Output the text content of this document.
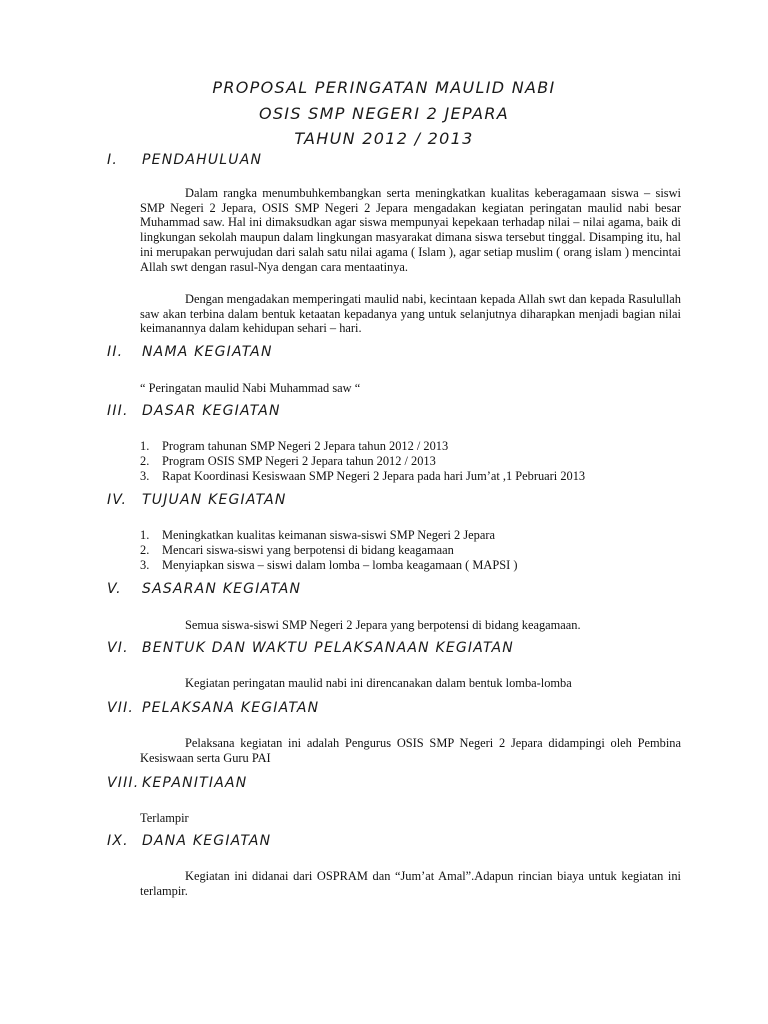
PROPOSAL PERINGATAN MAULID NABI
OSIS SMP NEGERI 2 JEPARA
TAHUN 2012 / 2013
I. PENDAHULUAN

Dalam rangka menumbuhkembangkan serta meningkatkan kualitas keberagamaan siswa – siswi SMP Negeri 2 Jepara, OSIS SMP Negeri 2 Jepara mengadakan kegiatan peringatan maulid nabi besar Muhammad saw. Hal ini dimaksudkan agar siswa mempunyai kepekaan terhadap nilai – nilai agama, baik di lingkungan sekolah maupun dalam lingkungan masyarakat dimana siswa tersebut tinggal. Disamping itu, hal ini merupakan perwujudan dari salah satu nilai agama ( Islam ), agar setiap muslim ( orang islam ) mencintai Allah swt dengan rasul-Nya dengan cara mentaatinya.

Dengan mengadakan memperingati maulid nabi, kecintaan kepada Allah swt dan kepada Rasulullah saw akan terbina dalam bentuk ketaatan kepadanya yang untuk selanjutnya diharapkan menjadi bagian nilai keimanannya dalam kehidupan sehari – hari.

II. NAMA KEGIATAN
“ Peringatan maulid Nabi Muhammad saw “
III. DASAR KEGIATAN
1. Program tahunan SMP Negeri 2 Jepara tahun 2012 / 2013
2. Program OSIS SMP Negeri 2 Jepara tahun 2012 / 2013
3. Rapat Koordinasi Kesiswaan SMP Negeri 2 Jepara pada hari Jum’at ,1 Pebruari 2013
IV. TUJUAN KEGIATAN
1. Meningkatkan kualitas keimanan siswa-siswi SMP Negeri 2 Jepara
2. Mencari siswa-siswi yang berpotensi di bidang keagamaan
3. Menyiapkan siswa – siswi dalam lomba – lomba keagamaan ( MAPSI )
V. SASARAN KEGIATAN
Semua siswa-siswi SMP Negeri 2 Jepara yang berpotensi di bidang keagamaan.
VI. BENTUK DAN WAKTU PELAKSANAAN KEGIATAN
Kegiatan peringatan maulid nabi ini direncanakan dalam bentuk lomba-lomba
VII. PELAKSANA KEGIATAN

Pelaksana kegiatan ini adalah Pengurus OSIS SMP Negeri 2 Jepara didampingi oleh Pembina Kesiswaan serta Guru PAI

VIII. KEPANITIAAN
Terlampir
IX. DANA KEGIATAN

Kegiatan ini didanai dari OSPRAM dan “Jum’at Amal”.Adapun rincian biaya untuk kegiatan ini terlampir.
